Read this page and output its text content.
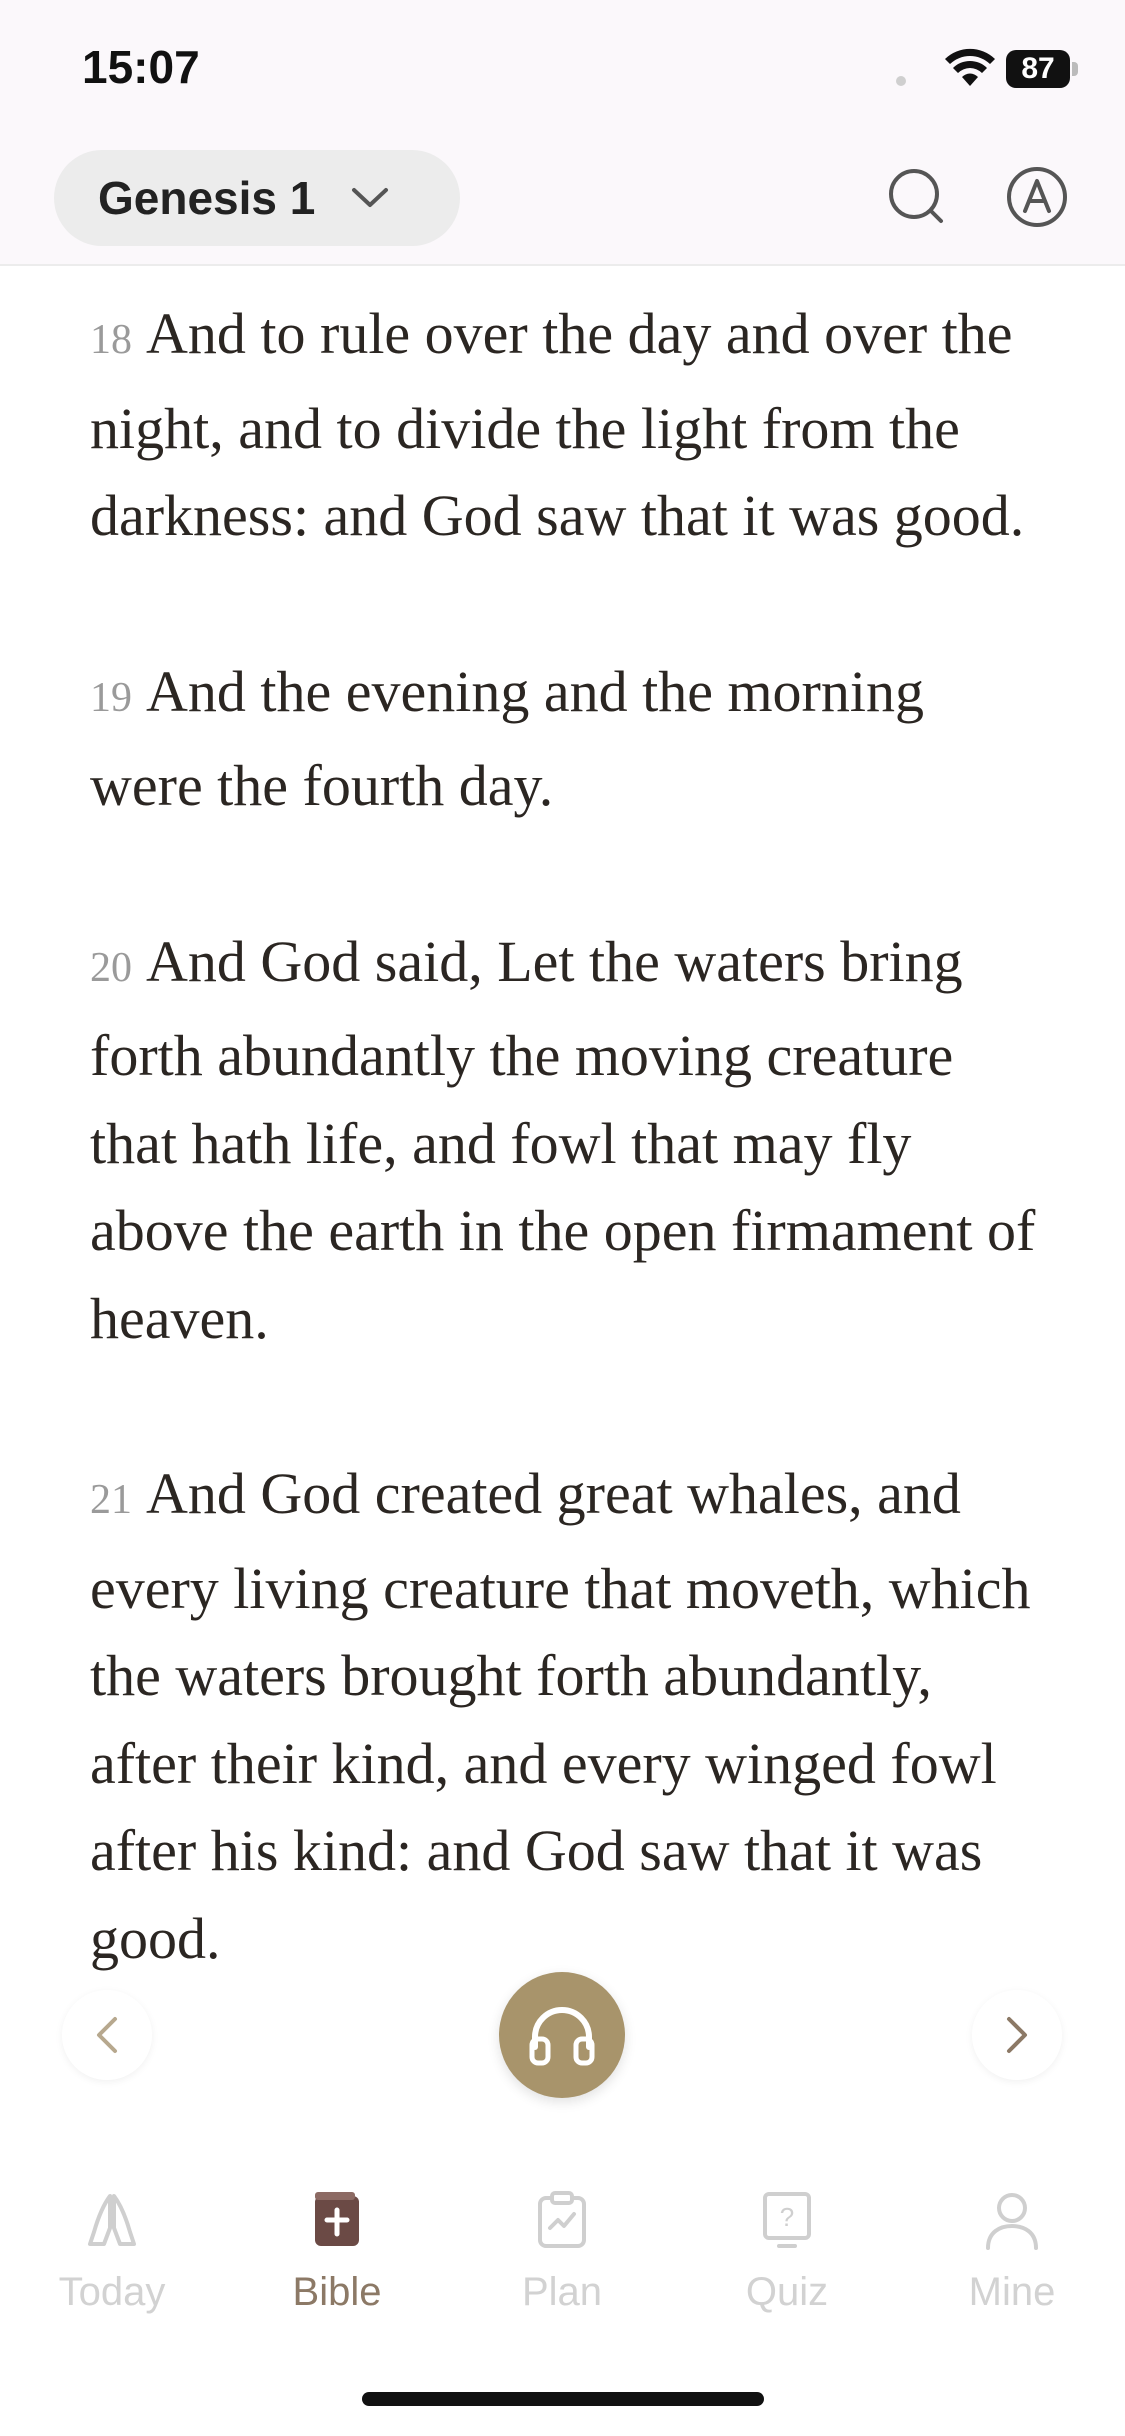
15:07	87
Genesis 1

18 And to rule over the day and over the night, and to divide the light from the darkness: and God saw that it was good.

19 And the evening and the morning were the fourth day.

20 And God said, Let the waters bring forth abundantly the moving creature that hath life, and fowl that may fly above the earth in the open firmament of heaven.

21 And God created great whales, and every living creature that moveth, which the waters brought forth abundantly, after their kind, and every winged fowl after his kind: and God saw that it was good.

Today	Bible	Plan
?
Quiz	Mine
